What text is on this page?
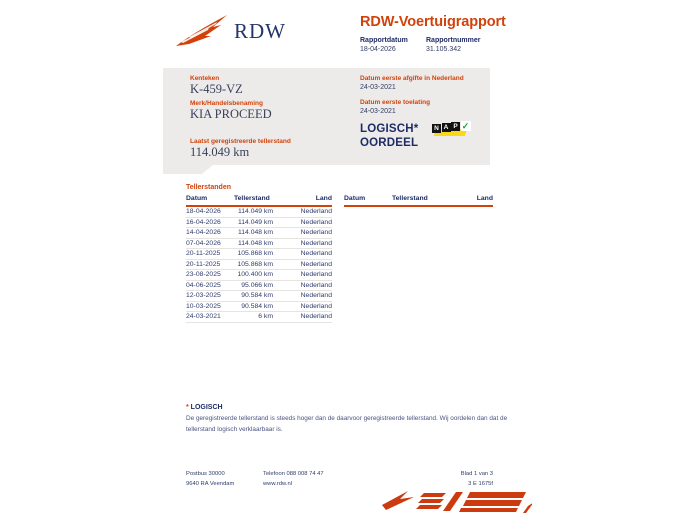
RDW	RDW-Voertuigrapport
Rapportdatum
18-04-2026
Rapportnummer
31.105.342
Kenteken
K-459-VZ
Merk/Handelsbenaming
KIA PROCEED
Laatst geregistreerde tellerstand
114.049 km
Datum eerste afgifte in Nederland
24-03-2021
Datum eerste toelating
24-03-2021
LOGISCH*
OORDEEL
N A P ✓
Tellerstanden
Datum	Tellerstand	Land
18-04-2026	114.049 km	Nederland
16-04-2026	114.049 km	Nederland
14-04-2026	114.048 km	Nederland
07-04-2026	114.048 km	Nederland
20-11-2025	105.868 km	Nederland
20-11-2025	105.868 km	Nederland
23-08-2025	100.400 km	Nederland
04-06-2025	95.066 km	Nederland
12-03-2025	90.584 km	Nederland
10-03-2025	90.584 km	Nederland
24-03-2021	6 km	Nederland
Datum	Tellerstand	Land
* LOGISCH
De geregistreerde tellerstand is steeds hoger dan de daarvoor geregistreerde tellerstand. Wij oordelen dan dat de tellerstand logisch verklaarbaar is.
Postbus 30000
9640 RA Veendam
Telefoon 088 008 74 47
www.rdw.nl
Blad 1 van 3
3 E 1675f
